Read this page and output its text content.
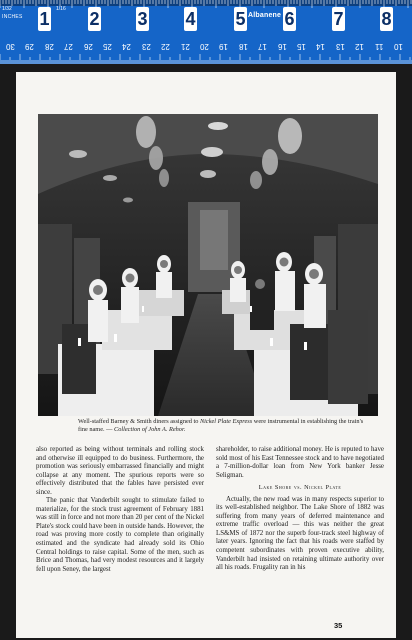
1/32	1/16
INCHES	Albanene
1 2 3 4 5 6 7 8
30 29 28 27 26 25 24 23 22 21 20 19 18 17 16 15 14 13 12 11 10
Well-staffed Barney & Smith diners assigned to Nickel Plate Express were instrumental in establishing the train's fine name. — Collection of John A. Rehor.

also reported as being without terminals and rolling stock and otherwise ill equipped to do business. Furthermore, the promotion was seriously embarrassed financially and might collapse at any moment. The spurious reports were so effectively distributed that the fables have persisted ever since.

The panic that Vanderbilt sought to stimulate failed to materialize, for the stock trust agreement of February 1881 was still in force and not more than 20 per cent of the Nickel Plate's stock could have been in outside hands. However, the road was proving more costly to complete than originally estimated and the syndicate had already sold its Ohio Central holdings to raise capital. Some of the men, such as Brice and Thomas, had very modest resources and it largely fell upon Seney, the largest

shareholder, to raise additional money. He is reputed to have sold most of his East Tennessee stock and to have negotiated a 7-million-dollar loan from New York banker Jesse Seligman.

Lake Shore vs. Nickel Plate

Actually, the new road was in many respects superior to its well-established neighbor. The Lake Shore of 1882 was suffering from many years of deferred maintenance and extreme traffic overload — this was neither the great LS&MS of 1872 nor the superb four-track steel highway of later years. Ignoring the fact that his roads were staffed by competent subordinates with proven executive ability, Vanderbilt had insisted on retaining ultimate authority over all his roads. Frugality ran in his

35
